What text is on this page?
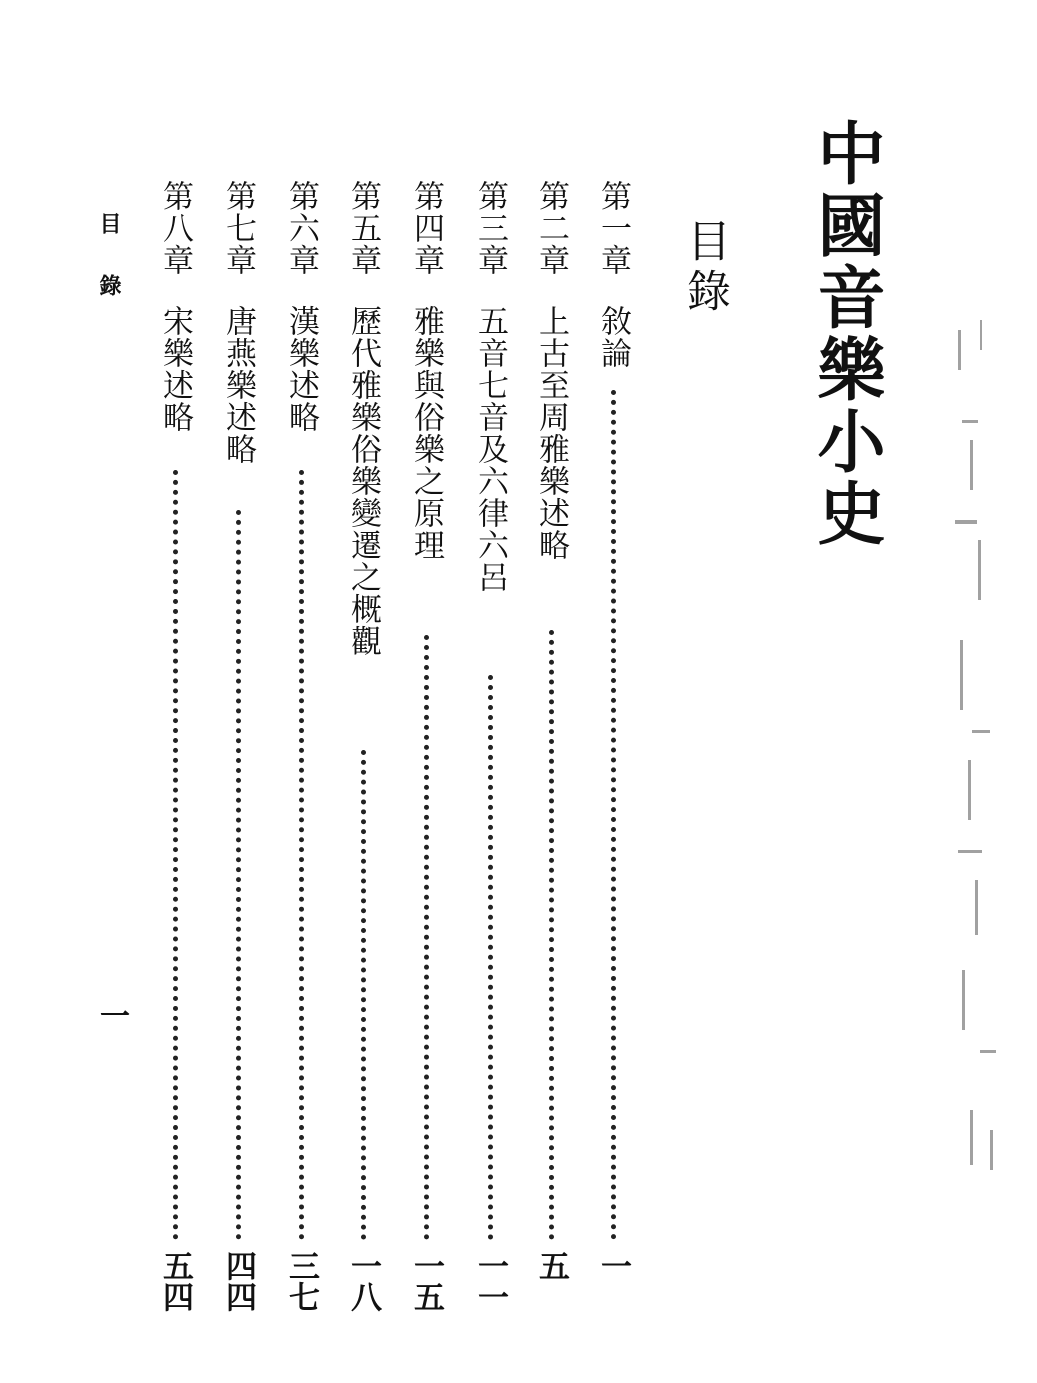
中國音樂小史
目錄
第一章
敘論
一
第二章
上古至周雅樂述略
五
第三章
五音七音及六律六呂
一一
第四章
雅樂與俗樂之原理
一五
第五章
歷代雅樂俗樂變遷之概觀
一八
第六章
漢樂述略
三七
第七章
唐燕樂述略
四四
第八章
宋樂述略
五四
目錄
一
